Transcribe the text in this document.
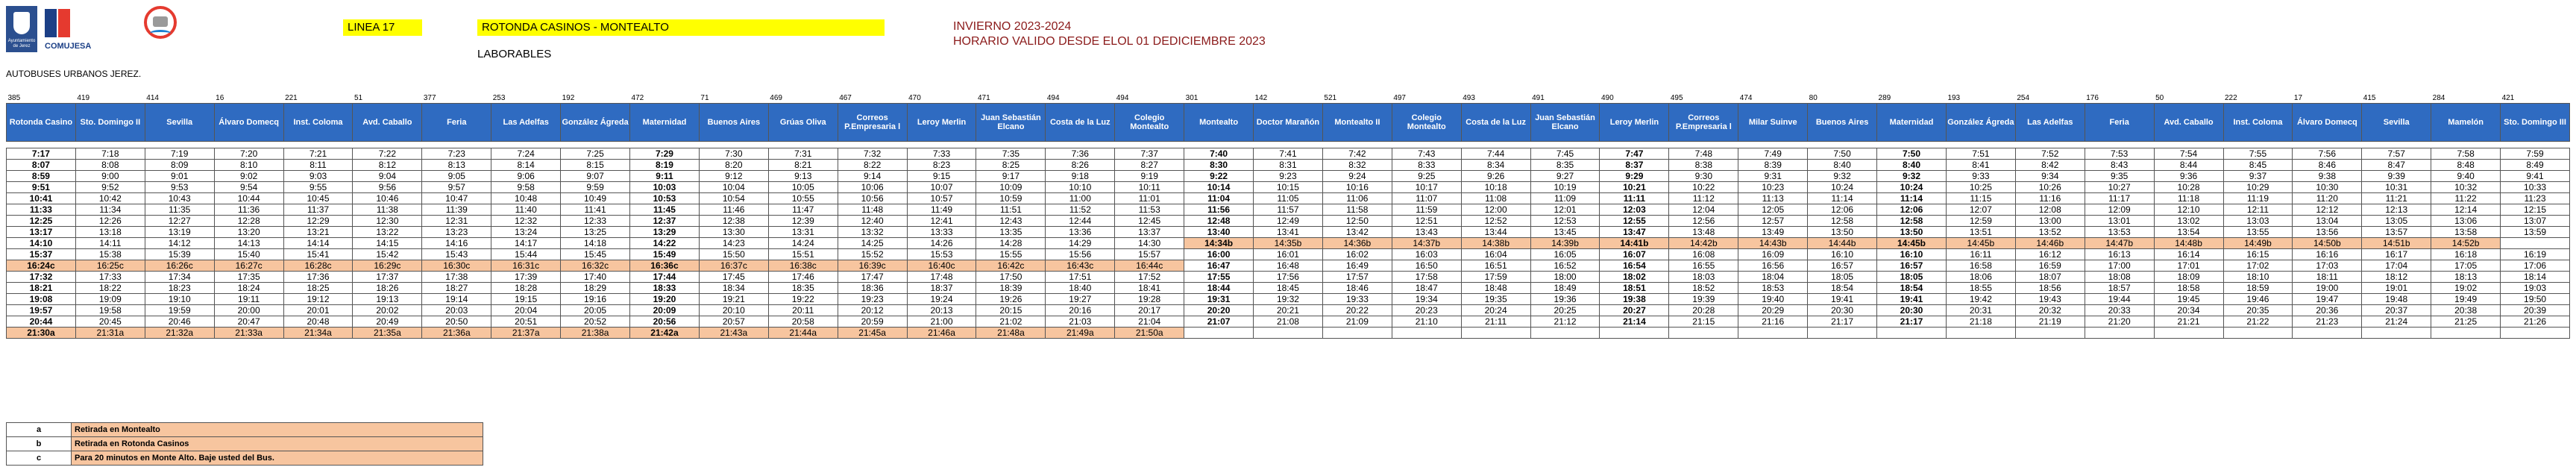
Ayuntamiento de Jerez	COMUJESA
AUTOBUSES URBANOS JEREZ.
LINEA 17	ROTONDA CASINOS - MONTEALTO	INVIERNO 2023-2024
HORARIO VALIDO DESDE ELOL 01 DEDICIEMBRE 2023
LABORABLES
385	419	414	16	221	51	377	253	192	472	71	469	467	470	471	494	494	301	142	521	497	493	491	490	495	474	80	289	193	254	176	50	222	17	415	284	421
Rotonda Casino	Sto. Domingo II	Sevilla	Álvaro Domecq	Inst. Coloma	Avd. Caballo	Feria	Las Adelfas	González Ágreda	Maternidad	Buenos Aires	Grúas Oliva	Correos P.Empresaria l	Leroy Merlin	Juan Sebastián Elcano	Costa de la Luz	Colegio Montealto	Montealto	Doctor Marañón	Montealto II	Colegio Montealto	Costa de la Luz	Juan Sebastián Elcano	Leroy Merlin	Correos P.Empresaria l	Milar Suinve	Buenos Aires	Maternidad	González Ágreda	Las Adelfas	Feria	Avd. Caballo	Inst. Coloma	Álvaro Domecq	Sevilla	Mamelón	Sto. Domingo III

7:17	7:18	7:19	7:20	7:21	7:22	7:23	7:24	7:25	7:29	7:30	7:31	7:32	7:33	7:35	7:36	7:37	7:40	7:41	7:42	7:43	7:44	7:45	7:47	7:48	7:49	7:50	7:50	7:51	7:52	7:53	7:54	7:55	7:56	7:57	7:58	7:59
8:07	8:08	8:09	8:10	8:11	8:12	8:13	8:14	8:15	8:19	8:20	8:21	8:22	8:23	8:25	8:26	8:27	8:30	8:31	8:32	8:33	8:34	8:35	8:37	8:38	8:39	8:40	8:40	8:41	8:42	8:43	8:44	8:45	8:46	8:47	8:48	8:49
8:59	9:00	9:01	9:02	9:03	9:04	9:05	9:06	9:07	9:11	9:12	9:13	9:14	9:15	9:17	9:18	9:19	9:22	9:23	9:24	9:25	9:26	9:27	9:29	9:30	9:31	9:32	9:32	9:33	9:34	9:35	9:36	9:37	9:38	9:39	9:40	9:41
9:51	9:52	9:53	9:54	9:55	9:56	9:57	9:58	9:59	10:03	10:04	10:05	10:06	10:07	10:09	10:10	10:11	10:14	10:15	10:16	10:17	10:18	10:19	10:21	10:22	10:23	10:24	10:24	10:25	10:26	10:27	10:28	10:29	10:30	10:31	10:32	10:33
10:41	10:42	10:43	10:44	10:45	10:46	10:47	10:48	10:49	10:53	10:54	10:55	10:56	10:57	10:59	11:00	11:01	11:04	11:05	11:06	11:07	11:08	11:09	11:11	11:12	11:13	11:14	11:14	11:15	11:16	11:17	11:18	11:19	11:20	11:21	11:22	11:23
11:33	11:34	11:35	11:36	11:37	11:38	11:39	11:40	11:41	11:45	11:46	11:47	11:48	11:49	11:51	11:52	11:53	11:56	11:57	11:58	11:59	12:00	12:01	12:03	12:04	12:05	12:06	12:06	12:07	12:08	12:09	12:10	12:11	12:12	12:13	12:14	12:15
12:25	12:26	12:27	12:28	12:29	12:30	12:31	12:32	12:33	12:37	12:38	12:39	12:40	12:41	12:43	12:44	12:45	12:48	12:49	12:50	12:51	12:52	12:53	12:55	12:56	12:57	12:58	12:58	12:59	13:00	13:01	13:02	13:03	13:04	13:05	13:06	13:07
13:17	13:18	13:19	13:20	13:21	13:22	13:23	13:24	13:25	13:29	13:30	13:31	13:32	13:33	13:35	13:36	13:37	13:40	13:41	13:42	13:43	13:44	13:45	13:47	13:48	13:49	13:50	13:50	13:51	13:52	13:53	13:54	13:55	13:56	13:57	13:58	13:59
14:10	14:11	14:12	14:13	14:14	14:15	14:16	14:17	14:18	14:22	14:23	14:24	14:25	14:26	14:28	14:29	14:30	14:34b	14:35b	14:36b	14:37b	14:38b	14:39b	14:41b	14:42b	14:43b	14:44b	14:45b	14:45b	14:46b	14:47b	14:48b	14:49b	14:50b	14:51b	14:52b	
15:37	15:38	15:39	15:40	15:41	15:42	15:43	15:44	15:45	15:49	15:50	15:51	15:52	15:53	15:55	15:56	15:57	16:00	16:01	16:02	16:03	16:04	16:05	16:07	16:08	16:09	16:10	16:10	16:11	16:12	16:13	16:14	16:15	16:16	16:17	16:18	16:19
16:24c	16:25c	16:26c	16:27c	16:28c	16:29c	16:30c	16:31c	16:32c	16:36c	16:37c	16:38c	16:39c	16:40c	16:42c	16:43c	16:44c	16:47	16:48	16:49	16:50	16:51	16:52	16:54	16:55	16:56	16:57	16:57	16:58	16:59	17:00	17:01	17:02	17:03	17:04	17:05	17:06
17:32	17:33	17:34	17:35	17:36	17:37	17:38	17:39	17:40	17:44	17:45	17:46	17:47	17:48	17:50	17:51	17:52	17:55	17:56	17:57	17:58	17:59	18:00	18:02	18:03	18:04	18:05	18:05	18:06	18:07	18:08	18:09	18:10	18:11	18:12	18:13	18:14
18:21	18:22	18:23	18:24	18:25	18:26	18:27	18:28	18:29	18:33	18:34	18:35	18:36	18:37	18:39	18:40	18:41	18:44	18:45	18:46	18:47	18:48	18:49	18:51	18:52	18:53	18:54	18:54	18:55	18:56	18:57	18:58	18:59	19:00	19:01	19:02	19:03
19:08	19:09	19:10	19:11	19:12	19:13	19:14	19:15	19:16	19:20	19:21	19:22	19:23	19:24	19:26	19:27	19:28	19:31	19:32	19:33	19:34	19:35	19:36	19:38	19:39	19:40	19:41	19:41	19:42	19:43	19:44	19:45	19:46	19:47	19:48	19:49	19:50
19:57	19:58	19:59	20:00	20:01	20:02	20:03	20:04	20:05	20:09	20:10	20:11	20:12	20:13	20:15	20:16	20:17	20:20	20:21	20:22	20:23	20:24	20:25	20:27	20:28	20:29	20:30	20:30	20:31	20:32	20:33	20:34	20:35	20:36	20:37	20:38	20:39
20:44	20:45	20:46	20:47	20:48	20:49	20:50	20:51	20:52	20:56	20:57	20:58	20:59	21:00	21:02	21:03	21:04	21:07	21:08	21:09	21:10	21:11	21:12	21:14	21:15	21:16	21:17	21:17	21:18	21:19	21:20	21:21	21:22	21:23	21:24	21:25	21:26
21:30a	21:31a	21:32a	21:33a	21:34a	21:35a	21:36a	21:37a	21:38a	21:42a	21:43a	21:44a	21:45a	21:46a	21:48a	21:49a	21:50a																				
a	Retirada en Montealto
b	Retirada en Rotonda Casinos
c	Para 20 minutos en Monte Alto. Baje usted del Bus.
